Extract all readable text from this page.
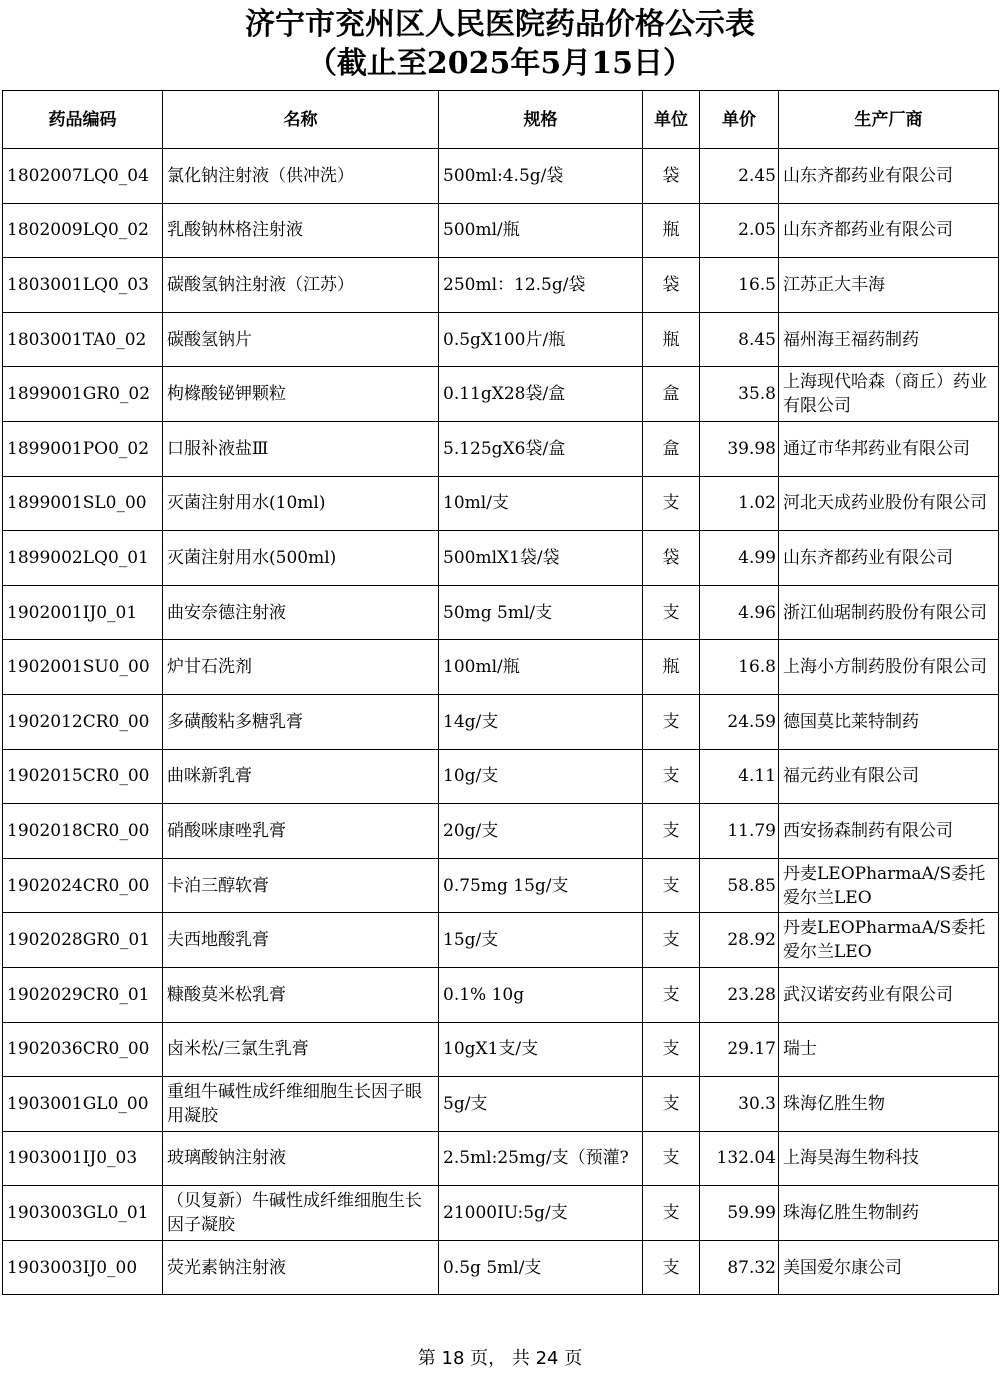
济宁市兖州区人民医院药品价格公示表
（截止至2025年5月15日）
药品编码	名称	规格	单位	单价	生产厂商
1802007LQ0_04	氯化钠注射液（供冲洗）	500ml:4.5g/袋	袋	2.45	山东齐都药业有限公司
1802009LQ0_02	乳酸钠林格注射液	500ml/瓶	瓶	2.05	山东齐都药业有限公司
1803001LQ0_03	碳酸氢钠注射液（江苏）	250ml：12.5g/袋	袋	16.5	江苏正大丰海
1803001TA0_02	碳酸氢钠片	0.5gX100片/瓶	瓶	8.45	福州海王福药制药
1899001GR0_02	枸橼酸铋钾颗粒	0.11gX28袋/盒	盒	35.8	上海现代哈森（商丘）药业有限公司
1899001PO0_02	口服补液盐Ⅲ	5.125gX6袋/盒	盒	39.98	通辽市华邦药业有限公司
1899001SL0_00	灭菌注射用水(10ml)	10ml/支	支	1.02	河北天成药业股份有限公司
1899002LQ0_01	灭菌注射用水(500ml)	500mlX1袋/袋	袋	4.99	山东齐都药业有限公司
1902001IJ0_01	曲安奈德注射液	50mg 5ml/支	支	4.96	浙江仙琚制药股份有限公司
1902001SU0_00	炉甘石洗剂	100ml/瓶	瓶	16.8	上海小方制药股份有限公司
1902012CR0_00	多磺酸粘多糖乳膏	14g/支	支	24.59	德国莫比莱特制药
1902015CR0_00	曲咪新乳膏	10g/支	支	4.11	福元药业有限公司
1902018CR0_00	硝酸咪康唑乳膏	20g/支	支	11.79	西安扬森制药有限公司
1902024CR0_00	卡泊三醇软膏	0.75mg 15g/支	支	58.85	丹麦LEOPharmaA/S委托爱尔兰LEO
1902028GR0_01	夫西地酸乳膏	15g/支	支	28.92	丹麦LEOPharmaA/S委托爱尔兰LEO
1902029CR0_01	糠酸莫米松乳膏	0.1% 10g	支	23.28	武汉诺安药业有限公司
1902036CR0_00	卤米松/三氯生乳膏	10gX1支/支	支	29.17	瑞士
1903001GL0_00	重组牛碱性成纤维细胞生长因子眼用凝胶	5g/支	支	30.3	珠海亿胜生物
1903001IJ0_03	玻璃酸钠注射液	2.5ml:25mg/支（预灌?	支	132.04	上海昊海生物科技
1903003GL0_01	（贝复新）牛碱性成纤维细胞生长因子凝胶	21000IU:5g/支	支	59.99	珠海亿胜生物制药
1903003IJ0_00	荧光素钠注射液	0.5g 5ml/支	支	87.32	美国爱尔康公司
第 18 页， 共 24 页
